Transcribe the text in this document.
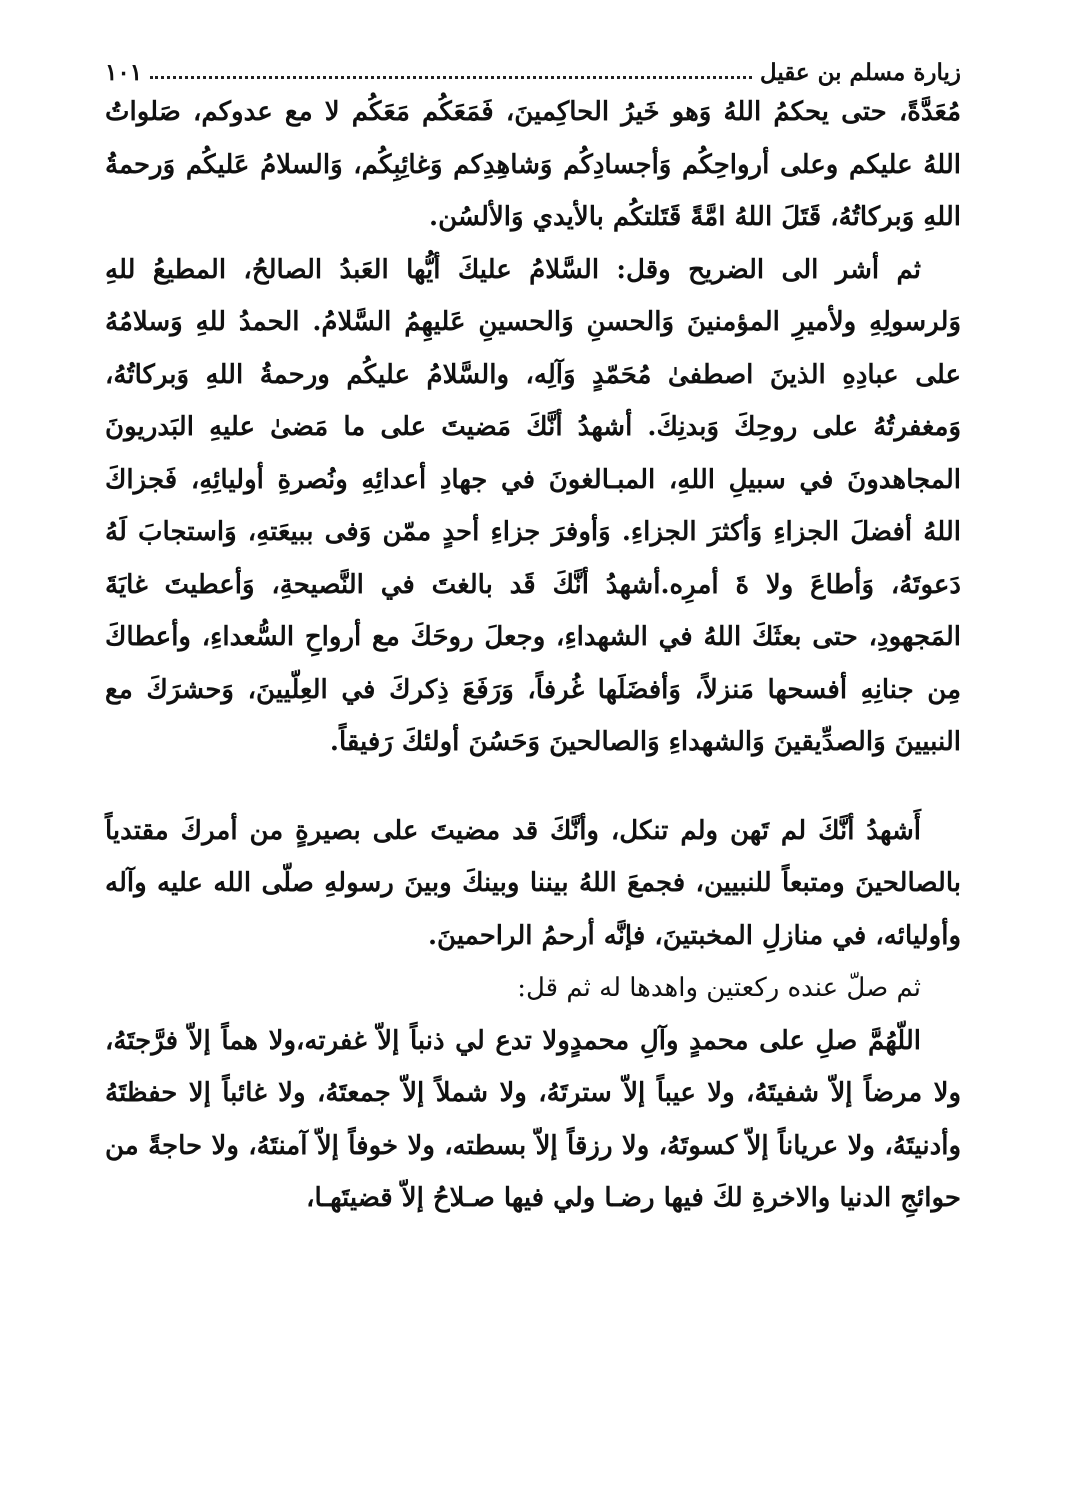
زيارة مسلم بن عقيل
١٠١

مُعَدَّةً، حتى يحكمُ اللهُ وَهو خَيرُ الحاكِمينَ، فَمَعَكُم مَعَكُم لا مع عدوكم، صَلواتُ اللهُ عليكم وعلى أرواحِكُم وَأجسادِكُم وَشاهِدِكم وَغائِبِكُم، وَالسلامُ عَليكُم وَرحمةُ اللهِ وَبركاتُهُ، قَتَلَ اللهُ امَّةً قَتَلتكُم بالأيدي وَالألسُن.

ثم أشر الى الضريح وقل: السَّلامُ عليكَ أيُّها العَبدُ الصالحُ، المطيعُ للهِ وَلرسولِهِ ولأميرِ المؤمنينَ وَالحسنِ وَالحسينِ عَليهِمُ السَّلامُ. الحمدُ للهِ وَسلامُهُ على عبادِهِ الذينَ اصطفىٰ مُحَمّدٍ وَآلِه، والسَّلامُ عليكُم ورحمةُ اللهِ وَبركاتُهُ، وَمغفرتُهُ على روحِكَ وَبدنِكَ. أشهدُ أنَّكَ مَضيتَ على ما مَضىٰ عليهِ البَدريونَ المجاهدونَ في سبيلِ اللهِ، المبـالغونَ في جهادِ أعدائِهِ ونُصرةِ أوليائِهِ، فَجزاكَ اللهُ أفضلَ الجزاءِ وَأكثرَ الجزاءِ. وَأوفرَ جزاءِ أحدٍ ممّن وَفى ببيعَتهِ، وَاستجابَ لَهُ دَعوتَهُ، وَأطاعَ ولا ةَ أمرِه.أشهدُ أنَّكَ قَد بالغتَ في النَّصيحةِ، وَأعطيتَ غايَةَ المَجهودِ، حتى بعثَكَ اللهُ في الشهداءِ، وجعلَ روحَكَ مع أرواحِ السُّعداءِ، وأعطاكَ مِن جنانِهِ أفسحها مَنزلاً، وَأفضَلَها غُرفاً، وَرَفَعَ ذِكركَ في العِلّيينَ، وَحشرَكَ مع النبيينَ وَالصدِّيقينَ وَالشهداءِ وَالصالحينَ وَحَسُنَ أولئكَ رَفيقاً.

أَشهدُ أنَّكَ لم تَهن ولم تنكل، وأنَّكَ قد مضيتَ على بصيرةٍ من أمركَ مقتدياً بالصالحينَ ومتبعاً للنبيين، فجمعَ اللهُ بيننا وبينكَ وبينَ رسولهِ صلّى الله عليه وآله وأوليائه، في منازلِ المخبتينَ، فإنَّه أرحمُ الراحمينَ.

ثم صلّ عنده ركعتين واهدها له ثم قل:

اللّهُمَّ صلِ على محمدٍ وآلِ محمدٍولا تدع لي ذنباً إلاّ غفرته،ولا هماً إلاّ فرَّجتَهُ، ولا مرضاً إلاّ شفيتَهُ، ولا عيباً إلاّ سترتَهُ، ولا شملاً إلاّ جمعتَهُ، ولا غائباً إلا حفظتَهُ وأدنيتَهُ، ولا عرياناً إلاّ كسوتَهُ، ولا رزقاً إلاّ بسطته، ولا خوفاً إلاّ آمنتَهُ، ولا حاجةً من حوائجِ الدنيا والاخرةِ لكَ فيها رضـا ولي فيها صـلاحُ إلاّ قضيتَهـا،
